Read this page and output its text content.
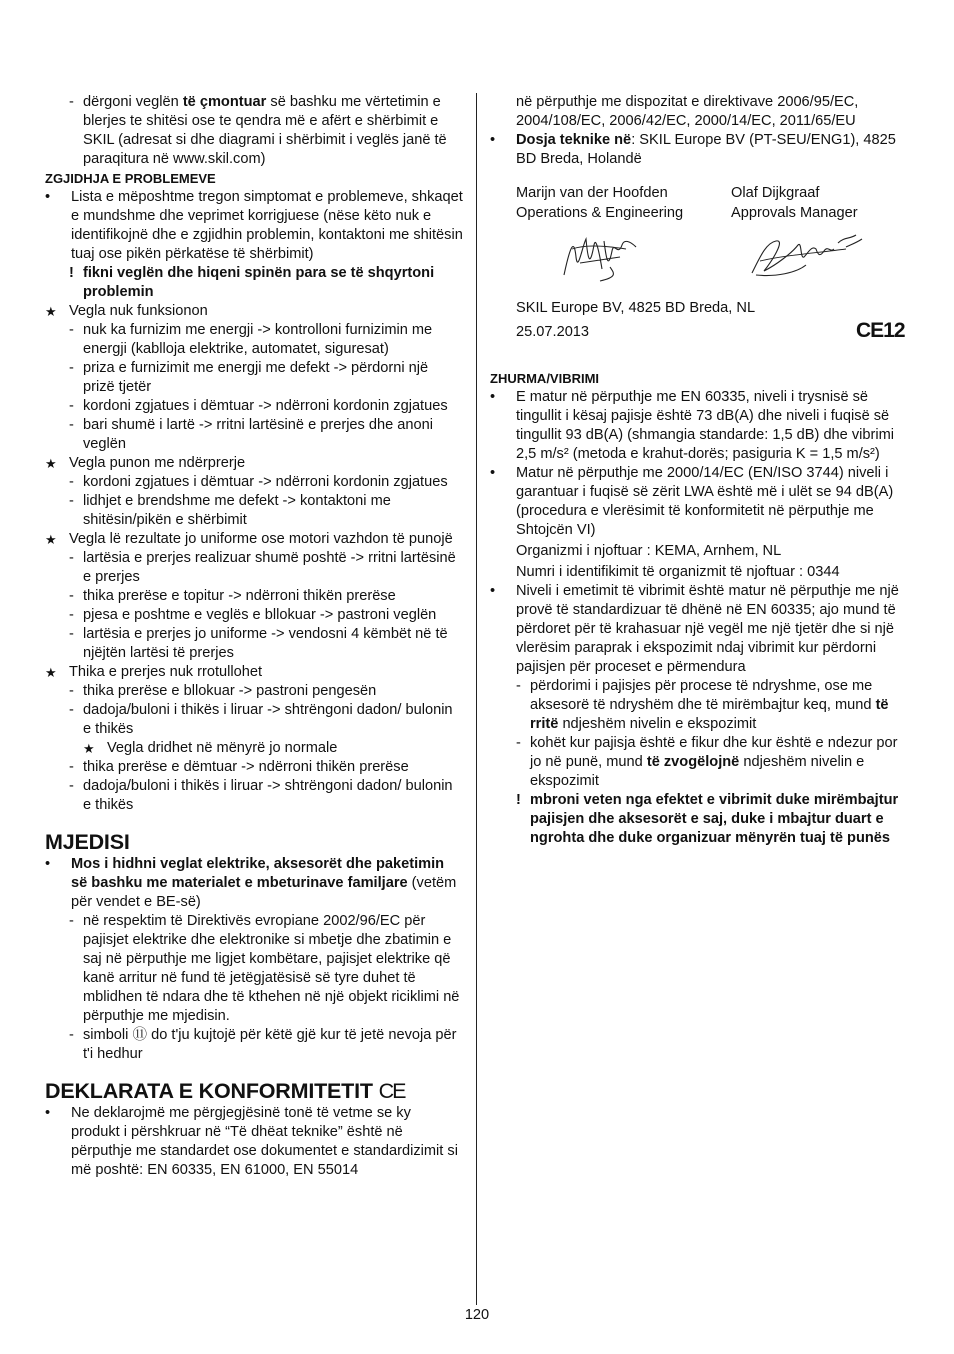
- dërgoni veglën të çmontuar së bashku me vërtetimin e blerjes te shitësi ose te qendra më e afërt e shërbimit e SKIL (adresat si dhe diagrami i shërbimit i veglës janë të paraqitura në www.skil.com)
ZGJIDHJA E PROBLEMEVE
• Lista e mëposhtme tregon simptomat e problemeve, shkaqet e mundshme dhe veprimet korrigjuese (nëse këto nuk e identifikojnë dhe e zgjidhin problemin, kontaktoni me shitësin tuaj ose pikën përkatëse të shërbimit)
! fikni veglën dhe hiqeni spinën para se të shqyrtoni problemin
★ Vegla nuk funksionon
- nuk ka furnizim me energji -> kontrolloni furnizimin me energji (kablloja elektrike, automatet, siguresat)
- priza e furnizimit me energji me defekt -> përdorni një prizë tjetër
- kordoni zgjatues i dëmtuar -> ndërroni kordonin zgjatues
- bari shumë i lartë -> rritni lartësinë e prerjes dhe anoni veglën
★ Vegla punon me ndërprerje
- kordoni zgjatues i dëmtuar -> ndërroni kordonin zgjatues
- lidhjet e brendshme me defekt -> kontaktoni me shitësin/pikën e shërbimit
★ Vegla lë rezultate jo uniforme ose motori vazhdon të punojë
- lartësia e prerjes realizuar shumë poshtë -> rritni lartësinë e prerjes
- thika prerëse e topitur -> ndërroni thikën prerëse
- pjesa e poshtme e veglës e bllokuar -> pastroni veglën
- lartësia e prerjes jo uniforme -> vendosni 4 këmbët në të njëjtën lartësi të prerjes
★ Thika e prerjes nuk rrotullohet
- thika prerëse e bllokuar -> pastroni pengesën
- dadoja/buloni i thikës i liruar -> shtrëngoni dadon/ bulonin e thikës
★ Vegla dridhet në mënyrë jo normale
- thika prerëse e dëmtuar -> ndërroni thikën prerëse
- dadoja/buloni i thikës i liruar -> shtrëngoni dadon/ bulonin e thikës
MJEDISI
• Mos i hidhni veglat elektrike, aksesorët dhe paketimin së bashku me materialet e mbeturinave familjare (vetëm për vendet e BE-së)
- në respektim të Direktivës evropiane 2002/96/EC për pajisjet elektrike dhe elektronike si mbetje dhe zbatimin e saj në përputhje me ligjet kombëtare, pajisjet elektrike që kanë arritur në fund të jetëgjatësisë së tyre duhet të mblidhen të ndara dhe të kthehen në një objekt riciklimi në përputhje me mjedisin.
- simboli ⑪ do t'ju kujtojë për këtë gjë kur të jetë nevoja për t'i hedhur
DEKLARATA E KONFORMITETIT CE
• Ne deklarojmë me përgjegjësinë tonë të vetme se ky produkt i përshkruar në “Të dhëat teknike” është në përputhje me standardet ose dokumentet e standardizimit si më poshtë: EN 60335, EN 61000, EN 55014
në përputhje me dispozitat e direktivave 2006/95/EC, 2004/108/EC, 2006/42/EC, 2000/14/EC, 2011/65/EU
• Dosja teknike në: SKIL Europe BV (PT-SEU/ENG1), 4825 BD Breda, Holandë
Marijn van der Hoofden
Operations & Engineering
Olaf Dijkgraaf
Approvals Manager
SKIL Europe BV, 4825 BD Breda, NL
25.07.2013	CE12
ZHURMA/VIBRIMI
• E matur në përputhje me EN 60335, niveli i trysnisë së tingullit i kësaj pajisje është 73 dB(A) dhe niveli i fuqisë së tingullit 93 dB(A) (shmangia standarde: 1,5 dB) dhe vibrimi 2,5 m/s² (metoda e krahut-dorës; pasiguria K = 1,5 m/s²)
• Matur në përputhje me 2000/14/EC (EN/ISO 3744) niveli i garantuar i fuqisë së zërit LWA është më i ulët se 94 dB(A) (procedura e vlerësimit të konformitetit në përputhje me Shtojcën VI)
Organizmi i njoftuar : KEMA, Arnhem, NL
Numri i identifikimit të organizmit të njoftuar : 0344
• Niveli i emetimit të vibrimit është matur në përputhje me një provë të standardizuar të dhënë në EN 60335; ajo mund të përdoret për të krahasuar një vegël me një tjetër dhe si një vlerësim paraprak i ekspozimit ndaj vibrimit kur përdorni pajisjen për proceset e përmendura
- përdorimi i pajisjes për procese të ndryshme, ose me aksesorë të ndryshëm dhe të mirëmbajtur keq, mund të rritë ndjeshëm nivelin e ekspozimit
- kohët kur pajisja është e fikur dhe kur është e ndezur por jo në punë, mund të zvogëlojnë ndjeshëm nivelin e ekspozimit
! mbroni veten nga efektet e vibrimit duke mirëmbajtur pajisjen dhe aksesorët e saj, duke i mbajtur duart e ngrohta dhe duke organizuar mënyrën tuaj të punës
120
